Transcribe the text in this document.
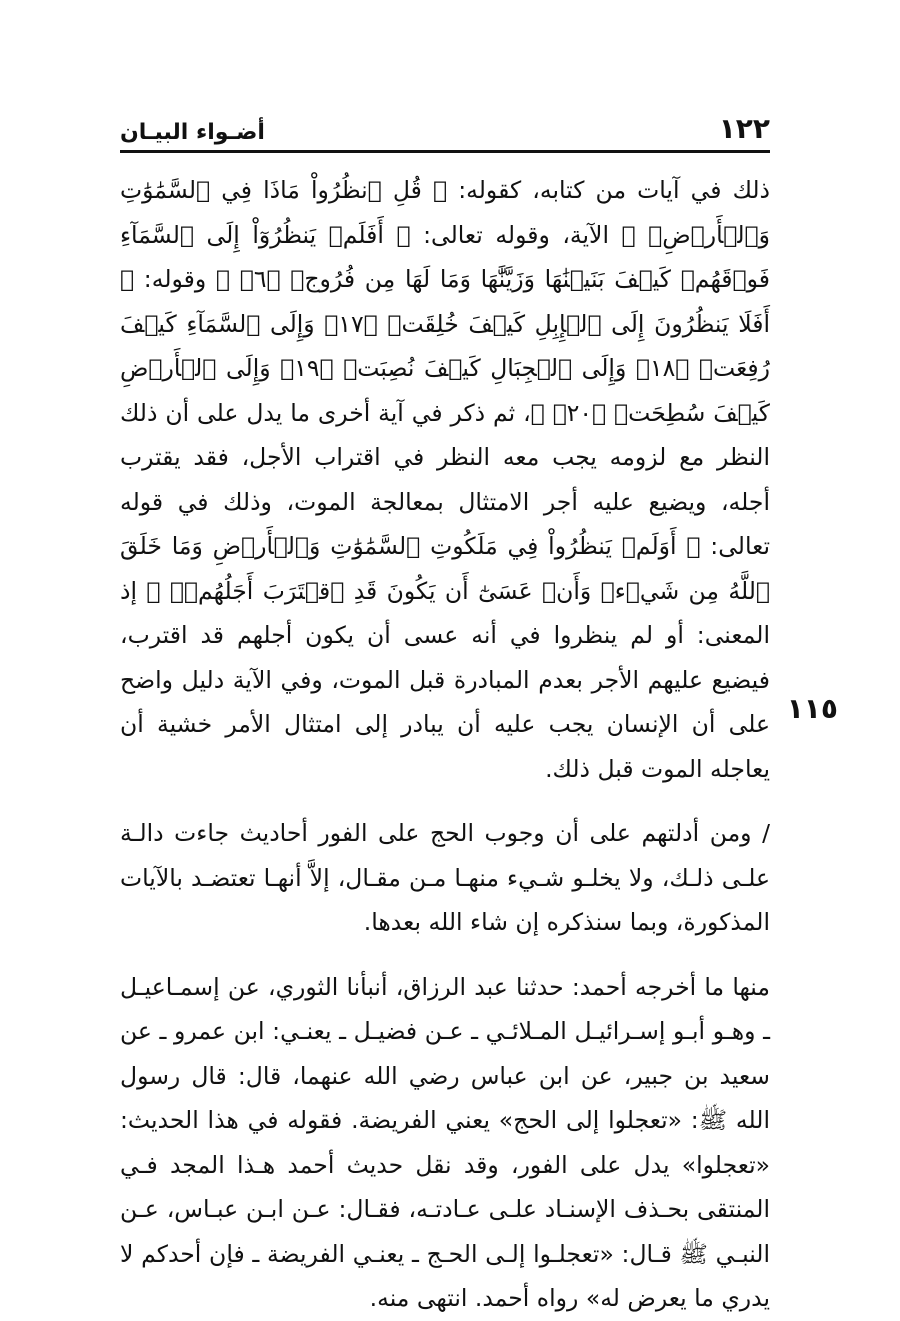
١٢٢
أضـواء البيـان
١١٥

ذلك في آيات من كتابه، كقوله: ﴿ قُلِ ٱنظُرُواْ مَاذَا فِي ٱلسَّمَٰوَٰتِ وَٱلۡأَرۡضِۚ ﴾ الآية، وقوله تعالى: ﴿ أَفَلَمۡ يَنظُرُوٓاْ إِلَى ٱلسَّمَآءِ فَوۡقَهُمۡ كَيۡفَ بَنَيۡنَٰهَا وَزَيَّنَّٰهَا وَمَا لَهَا مِن فُرُوجٖ ﴿٦﴾ ﴾ وقوله: ﴿ أَفَلَا يَنظُرُونَ إِلَى ٱلۡإِبِلِ كَيۡفَ خُلِقَتۡ ﴿١٧﴾ وَإِلَى ٱلسَّمَآءِ كَيۡفَ رُفِعَتۡ ﴿١٨﴾ وَإِلَى ٱلۡجِبَالِ كَيۡفَ نُصِبَتۡ ﴿١٩﴾ وَإِلَى ٱلۡأَرۡضِ كَيۡفَ سُطِحَتۡ ﴿٢٠﴾ ﴾، ثم ذكر في آية أخرى ما يدل على أن ذلك النظر مع لزومه يجب معه النظر في اقتراب الأجل، فقد يقترب أجله، ويضيع عليه أجر الامتثال بمعالجة الموت، وذلك في قوله تعالى: ﴿ أَوَلَمۡ يَنظُرُواْ فِي مَلَكُوتِ ٱلسَّمَٰوَٰتِ وَٱلۡأَرۡضِ وَمَا خَلَقَ ٱللَّهُ مِن شَيۡءٖ وَأَنۡ عَسَىٰٓ أَن يَكُونَ قَدِ ٱقۡتَرَبَ أَجَلُهُمۡۖ ﴾ إذ المعنى: أو لم ينظروا في أنه عسى أن يكون أجلهم قد اقترب، فيضيع عليهم الأجر بعدم المبادرة قبل الموت، وفي الآية دليل واضح على أن الإنسان يجب عليه أن يبادر إلى امتثال الأمر خشية أن يعاجله الموت قبل ذلك.

/ ومن أدلتهم على أن وجوب الحج على الفور أحاديث جاءت دالـة علـى ذلـك، ولا يخلـو شـيء منهـا مـن مقـال، إلاَّ أنهـا تعتضـد بالآيات المذكورة، وبما سنذكره إن شاء الله بعدها.

منها ما أخرجه أحمد: حدثنا عبد الرزاق، أنبأنا الثوري، عن إسمـاعيـل ـ وهـو أبـو إسـرائيـل المـلائـي ـ عـن فضيـل ـ يعنـي: ابن عمرو ـ عن سعيد بن جبير، عن ابن عباس رضي الله عنهما، قال: قال رسول الله ﷺ: «تعجلوا إلى الحج» يعني الفريضة. فقوله في هذا الحديث: «تعجلوا» يدل على الفور، وقد نقل حديث أحمد هـذا المجد فـي المنتقى بحـذف الإسنـاد علـى عـادتـه، فقـال: عـن ابـن عبـاس، عـن النبـي ﷺ قـال: «تعجلـوا إلـى الحـج ـ يعنـي الفريضة ـ فإن أحدكم لا يدري ما يعرض له» رواه أحمد. انتهى منه.
